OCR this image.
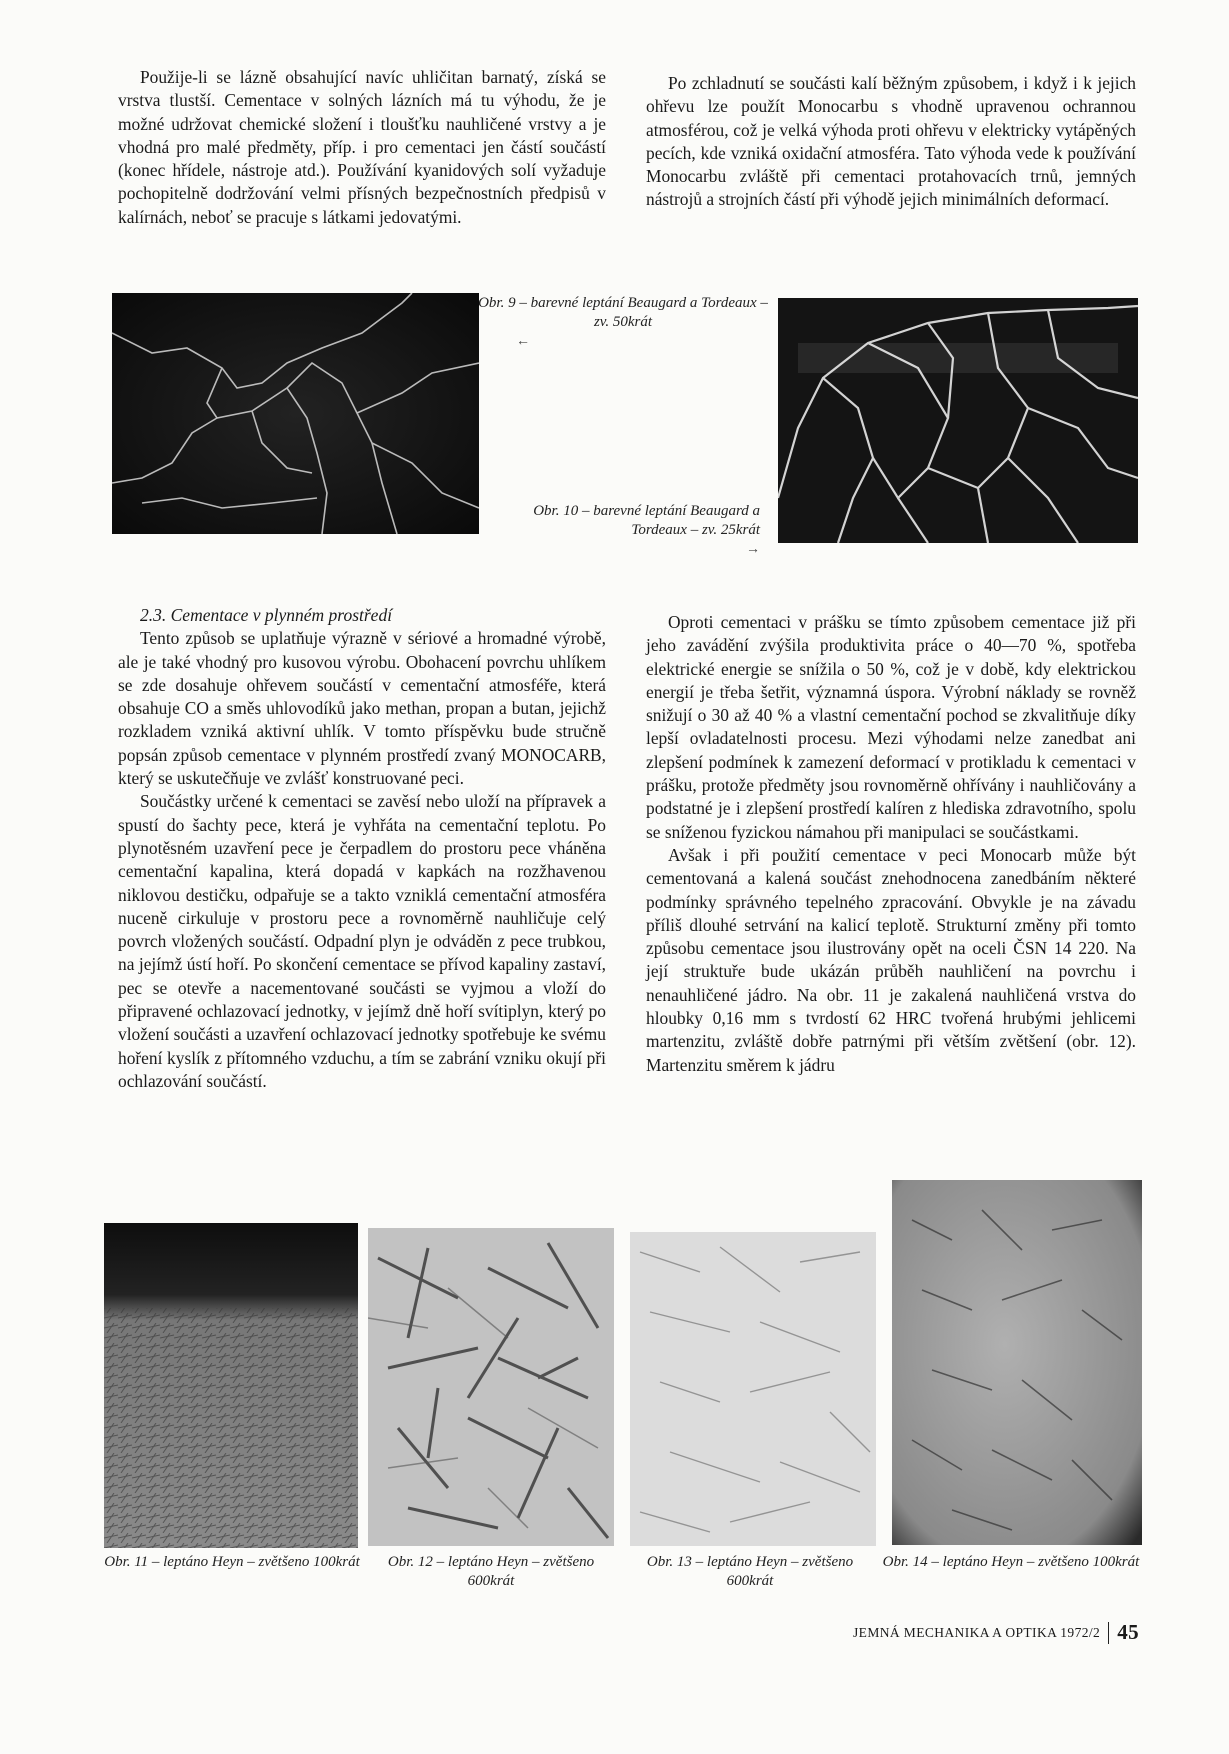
Použije-li se lázně obsahující navíc uhličitan barnatý, získá se vrstva tlustší. Cementace v solných lázních má tu výhodu, že je možné udržovat chemické složení i tloušťku nauhličené vrstvy a je vhodná pro malé předměty, příp. i pro cementaci jen částí součástí (konec hřídele, nástroje atd.). Používání kyanidových solí vyžaduje pochopitelně dodržování velmi přísných bezpečnostních předpisů v kalírnách, neboť se pracuje s látkami jedovatými.

Po zchladnutí se součásti kalí běžným způsobem, i když i k jejich ohřevu lze použít Monocarbu s vhodně upravenou ochrannou atmosférou, což je velká výhoda proti ohřevu v elektricky vytápěných pecích, kde vzniká oxidační atmosféra. Tato výhoda vede k používání Monocarbu zvláště při cementaci protahovacích trnů, jemných nástrojů a strojních částí při výhodě jejich minimálních deformací.

Obr. 9 – barevné leptání Beaugard a Tordeaux – zv. 50krát
←
Obr. 10 – barevné leptání Beaugard a Tordeaux – zv. 25krát
→

2.3. Cementace v plynném prostředí

Tento způsob se uplatňuje výrazně v sériové a hromadné výrobě, ale je také vhodný pro kusovou výrobu. Obohacení povrchu uhlíkem se zde dosahuje ohřevem součástí v cementační atmosféře, která obsahuje CO a směs uhlovodíků jako methan, propan a butan, jejichž rozkladem vzniká aktivní uhlík. V tomto příspěvku bude stručně popsán způsob cementace v plynném prostředí zvaný MONOCARB, který se uskutečňuje ve zvlášť konstruované peci.

Součástky určené k cementaci se zavěsí nebo uloží na přípravek a spustí do šachty pece, která je vyhřáta na cementační teplotu. Po plynotěsném uzavření pece je čerpadlem do prostoru pece vháněna cementační kapalina, která dopadá v kapkách na rozžhavenou niklovou destičku, odpařuje se a takto vzniklá cementační atmosféra nuceně cirkuluje v prostoru pece a rovnoměrně nauhličuje celý povrch vložených součástí. Odpadní plyn je odváděn z pece trubkou, na jejímž ústí hoří. Po skončení cementace se přívod kapaliny zastaví, pec se otevře a nacementované součásti se vyjmou a vloží do připravené ochlazovací jednotky, v jejímž dně hoří svítiplyn, který po vložení součásti a uzavření ochlazovací jednotky spotřebuje ke svému hoření kyslík z přítomného vzduchu, a tím se zabrání vzniku okují při ochlazování součástí.

Oproti cementaci v prášku se tímto způsobem cementace již při jeho zavádění zvýšila produktivita práce o 40—70 %, spotřeba elektrické energie se snížila o 50 %, což je v době, kdy elektrickou energií je třeba šetřit, významná úspora. Výrobní náklady se rovněž snižují o 30 až 40 % a vlastní cementační pochod se zkvalitňuje díky lepší ovladatelnosti procesu. Mezi výhodami nelze zanedbat ani zlepšení podmínek k zamezení deformací v protikladu k cementaci v prášku, protože předměty jsou rovnoměrně ohřívány i nauhličovány a podstatné je i zlepšení prostředí kalíren z hlediska zdravotního, spolu se sníženou fyzickou námahou při manipulaci se součástkami.

Avšak i při použití cementace v peci Monocarb může být cementovaná a kalená součást znehodnocena zanedbáním některé podmínky správného tepelného zpracování. Obvykle je na závadu příliš dlouhé setrvání na kalicí teplotě. Strukturní změny při tomto způsobu cementace jsou ilustrovány opět na oceli ČSN 14 220. Na její struktuře bude ukázán průběh nauhličení na povrchu i nenauhličené jádro. Na obr. 11 je zakalená nauhličená vrstva do hloubky 0,16 mm s tvrdostí 62 HRC tvořená hrubými jehlicemi martenzitu, zvláště dobře patrnými při větším zvětšení (obr. 12). Martenzitu směrem k jádru

Obr. 11 – leptáno Heyn – zvětšeno 100krát	Obr. 12 – leptáno Heyn – zvětšeno 600krát
Obr. 13 – leptáno Heyn – zvětšeno 600krát
Obr. 14 – leptáno Heyn – zvětšeno 100krát
JEMNÁ MECHANIKA A OPTIKA 1972/2 45
